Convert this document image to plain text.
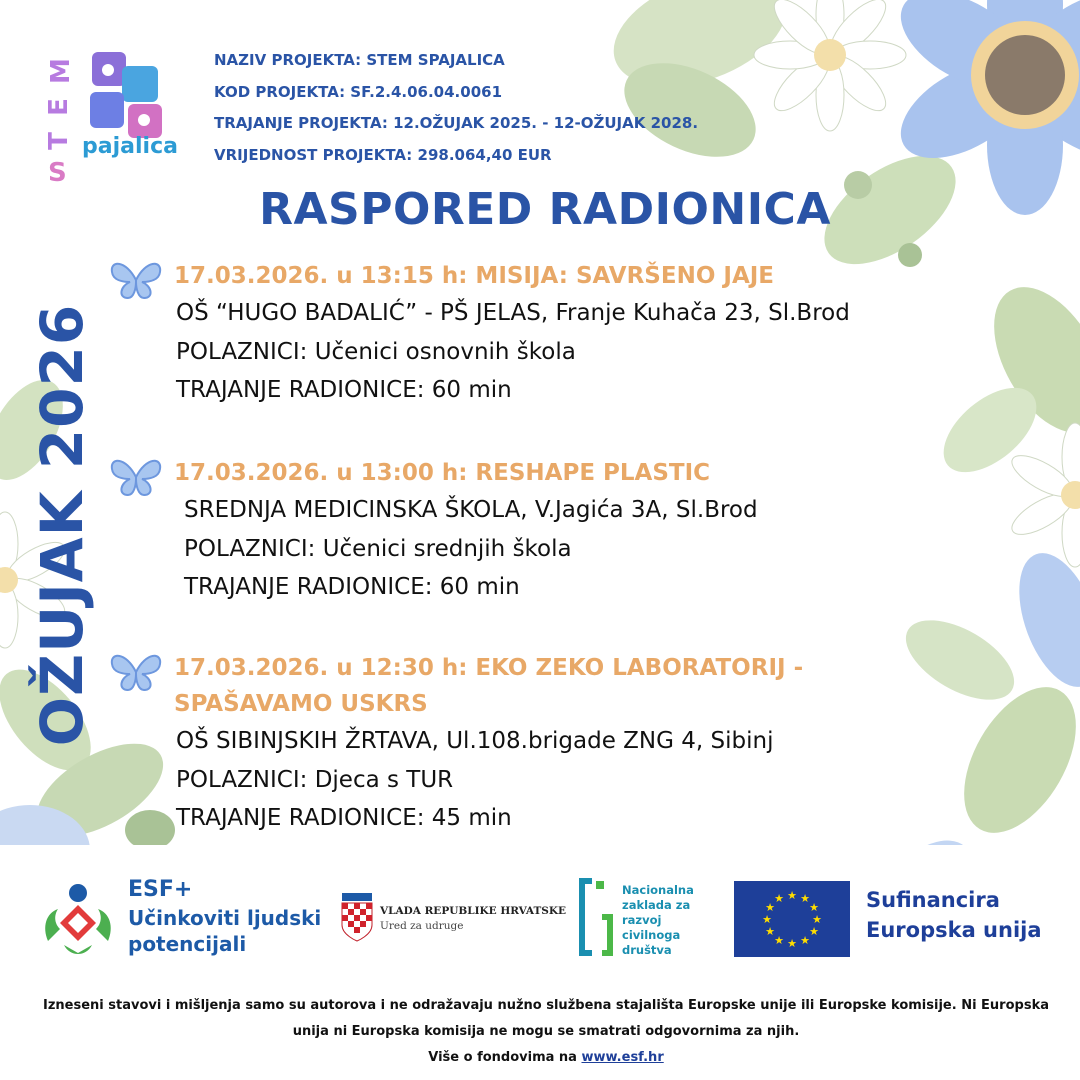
S
T
E
M
pajalica
NAZIV PROJEKTA: STEM SPAJALICA
KOD PROJEKTA: SF.2.4.06.04.0061
TRAJANJE PROJEKTA: 12.OŽUJAK 2025. - 12-OŽUJAK 2028.
VRIJEDNOST PROJEKTA: 298.064,40 EUR
RASPORED RADIONICA
OŽUJAK 2026
17.03.2026. u 13:15 h: MISIJA: SAVRŠENO JAJE
OŠ “HUGO BADALIĆ” - PŠ JELAS, Franje Kuhača 23, Sl.Brod
POLAZNICI: Učenici osnovnih škola
TRAJANJE RADIONICE: 60 min
17.03.2026. u 13:00 h: RESHAPE PLASTIC
SREDNJA MEDICINSKA ŠKOLA, V.Jagića 3A, Sl.Brod
POLAZNICI: Učenici srednjih škola
TRAJANJE RADIONICE: 60 min
17.03.2026. u 12:30 h: EKO ZEKO LABORATORIJ -
SPAŠAVAMO USKRS
OŠ SIBINJSKIH ŽRTAVA, Ul.108.brigade ZNG 4, Sibinj
POLAZNICI: Djeca s TUR
TRAJANJE RADIONICE: 45 min
ESF+
Učinkoviti ljudski potencijali
VLADA REPUBLIKE HRVATSKE
Ured za udruge
Nacionalna zaklada za razvoj civilnoga društva
★ ★
★
★
★
★
★
★
★
★
★
★	Sufinancira
Europska unija
Izneseni stavovi i mišljenja samo su autorova i ne odražavaju nužno službena stajališta Europske unije ili Europske komisije. Ni Europska
unija ni Europska komisija ne mogu se smatrati odgovornima za njih.
Više o fondovima na www.esf.hr
